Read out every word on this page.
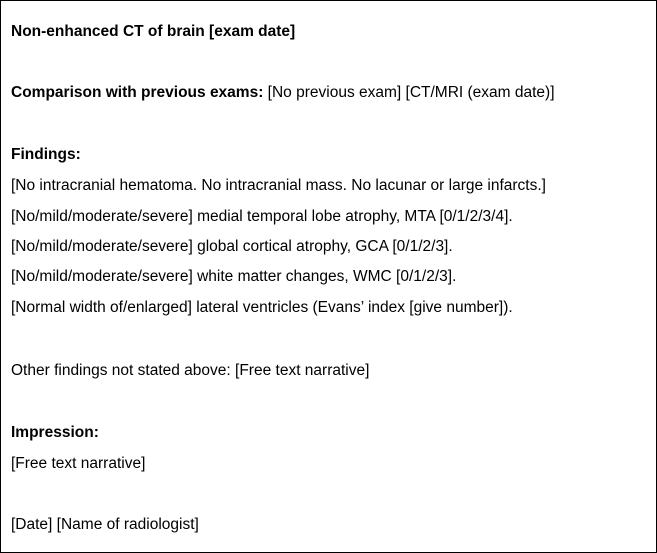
Non-enhanced CT of brain [exam date]
Comparison with previous exams: [No previous exam] [CT/MRI (exam date)]
Findings:
[No intracranial hematoma. No intracranial mass. No lacunar or large infarcts.]
[No/mild/moderate/severe] medial temporal lobe atrophy, MTA [0/1/2/3/4].
[No/mild/moderate/severe] global cortical atrophy, GCA [0/1/2/3].
[No/mild/moderate/severe] white matter changes, WMC [0/1/2/3].
[Normal width of/enlarged] lateral ventricles (Evans’ index [give number]).
Other findings not stated above: [Free text narrative]
Impression:
[Free text narrative]
[Date] [Name of radiologist]
